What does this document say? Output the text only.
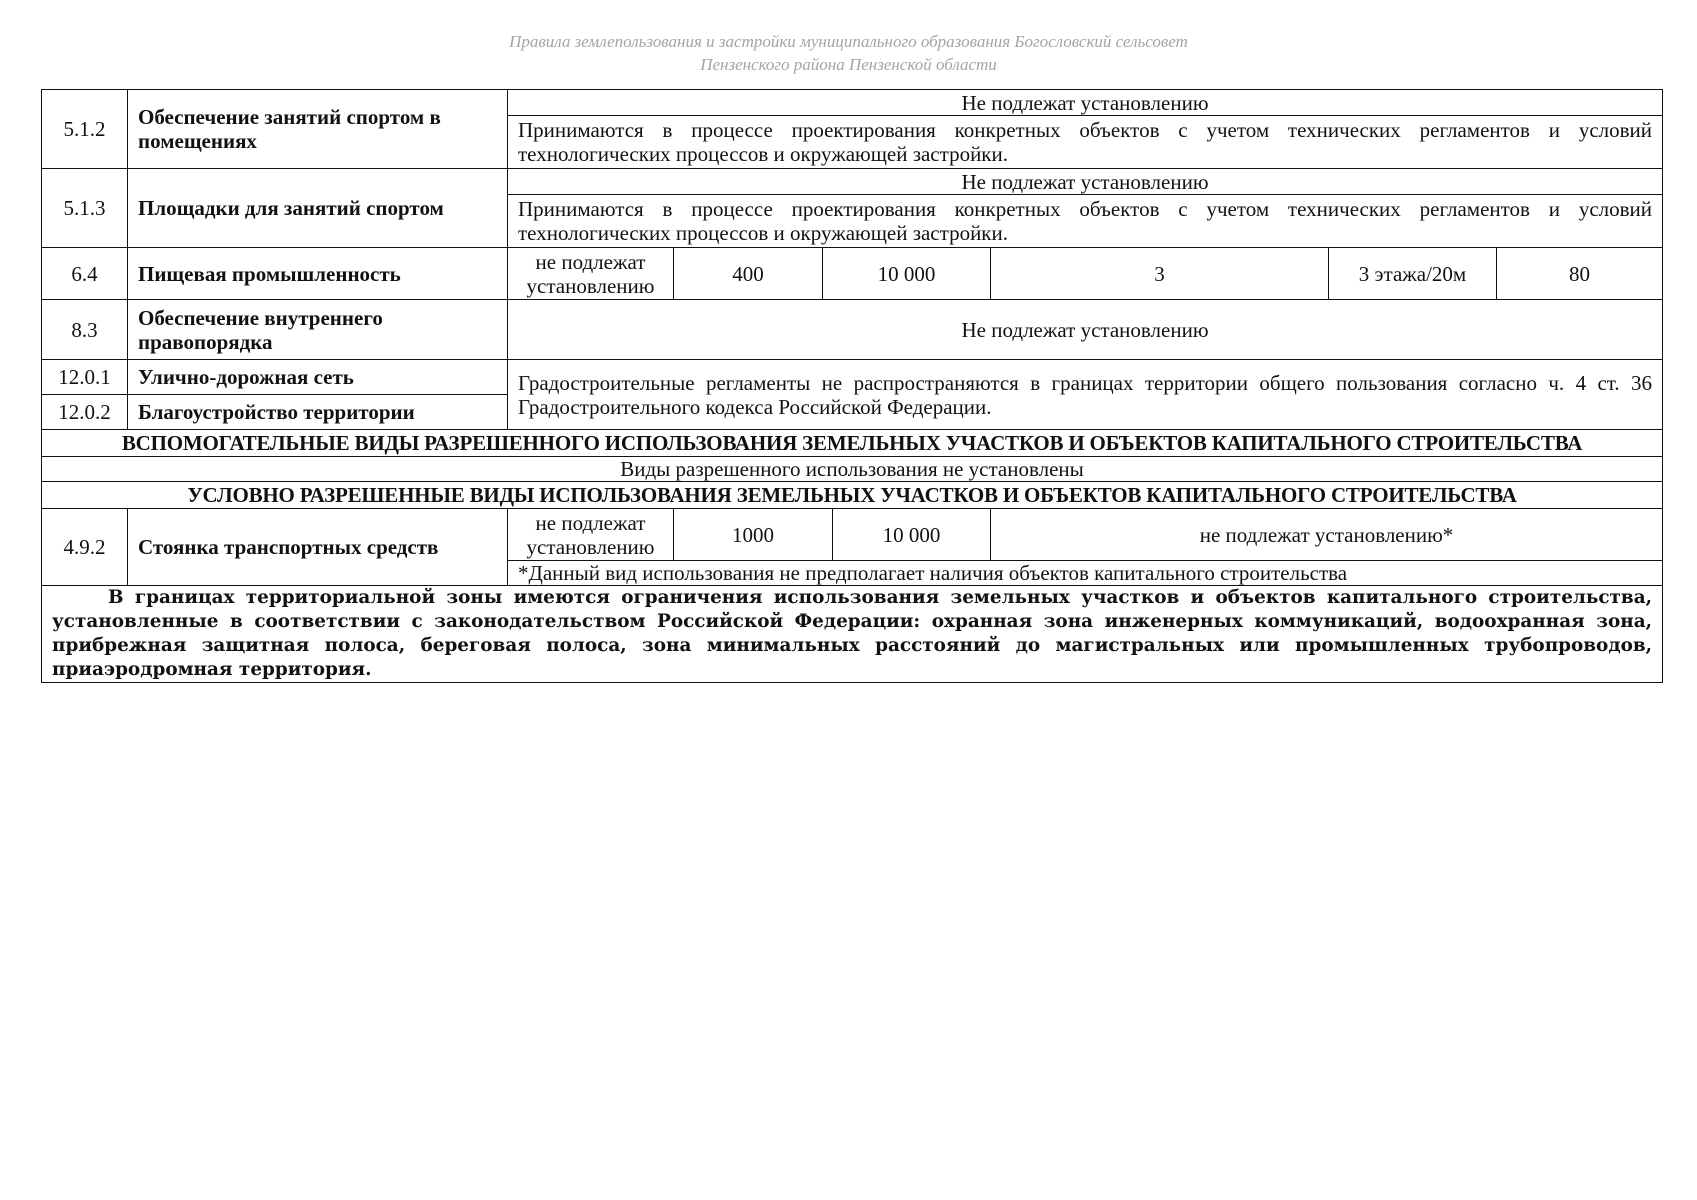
Правила землепользования и застройки муниципального образования Богословский сельсовет
Пензенского района Пензенской области
5.1.2	Обеспечение занятий спортом в помещениях	Не подлежат установлению						
		Принимаются в процессе проектирования конкретных объектов с учетом технических регламентов и условий технологических процессов и окружающей застройки.						
5.1.3	Площадки для занятий спортом	Не подлежат установлению						
		Принимаются в процессе проектирования конкретных объектов с учетом технических регламентов и условий технологических процессов и окружающей застройки.						
6.4	Пищевая промышленность	не подлежат установлению	400	10 000		3	3 этажа/20м	80
8.3	Обеспечение внутреннего правопорядка	Не подлежат установлению						
12.0.1	Улично-дорожная сеть	Градостроительные регламенты не распространяются в границах территории общего пользования согласно ч. 4 ст. 36 Градостроительного кодекса Российской Федерации.						
12.0.2	Благоустройство территории							
ВСПОМОГАТЕЛЬНЫЕ ВИДЫ РАЗРЕШЕННОГО ИСПОЛЬЗОВАНИЯ ЗЕМЕЛЬНЫХ УЧАСТКОВ И ОБЪЕКТОВ КАПИТАЛЬНОГО СТРОИТЕЛЬСТВА								
Виды разрешенного использования не установлены								
УСЛОВНО РАЗРЕШЕННЫЕ ВИДЫ ИСПОЛЬЗОВАНИЯ ЗЕМЕЛЬНЫХ УЧАСТКОВ И ОБЪЕКТОВ КАПИТАЛЬНОГО СТРОИТЕЛЬСТВА								
4.9.2	Стоянка транспортных средств	не подлежат установлению	1000		10 000	не подлежат установлению*		
		*Данный вид использования не предполагает наличия объектов капитального строительства						
В границах территориальной зоны имеются ограничения использования земельных участков и объектов капитального строительства, установленные в соответствии с законодательством Российской Федерации: охранная зона инженерных коммуникаций, водоохранная зона, прибрежная защитная полоса, береговая полоса, зона минимальных расстояний до магистральных или промышленных трубопроводов, приаэродромная территория.								
